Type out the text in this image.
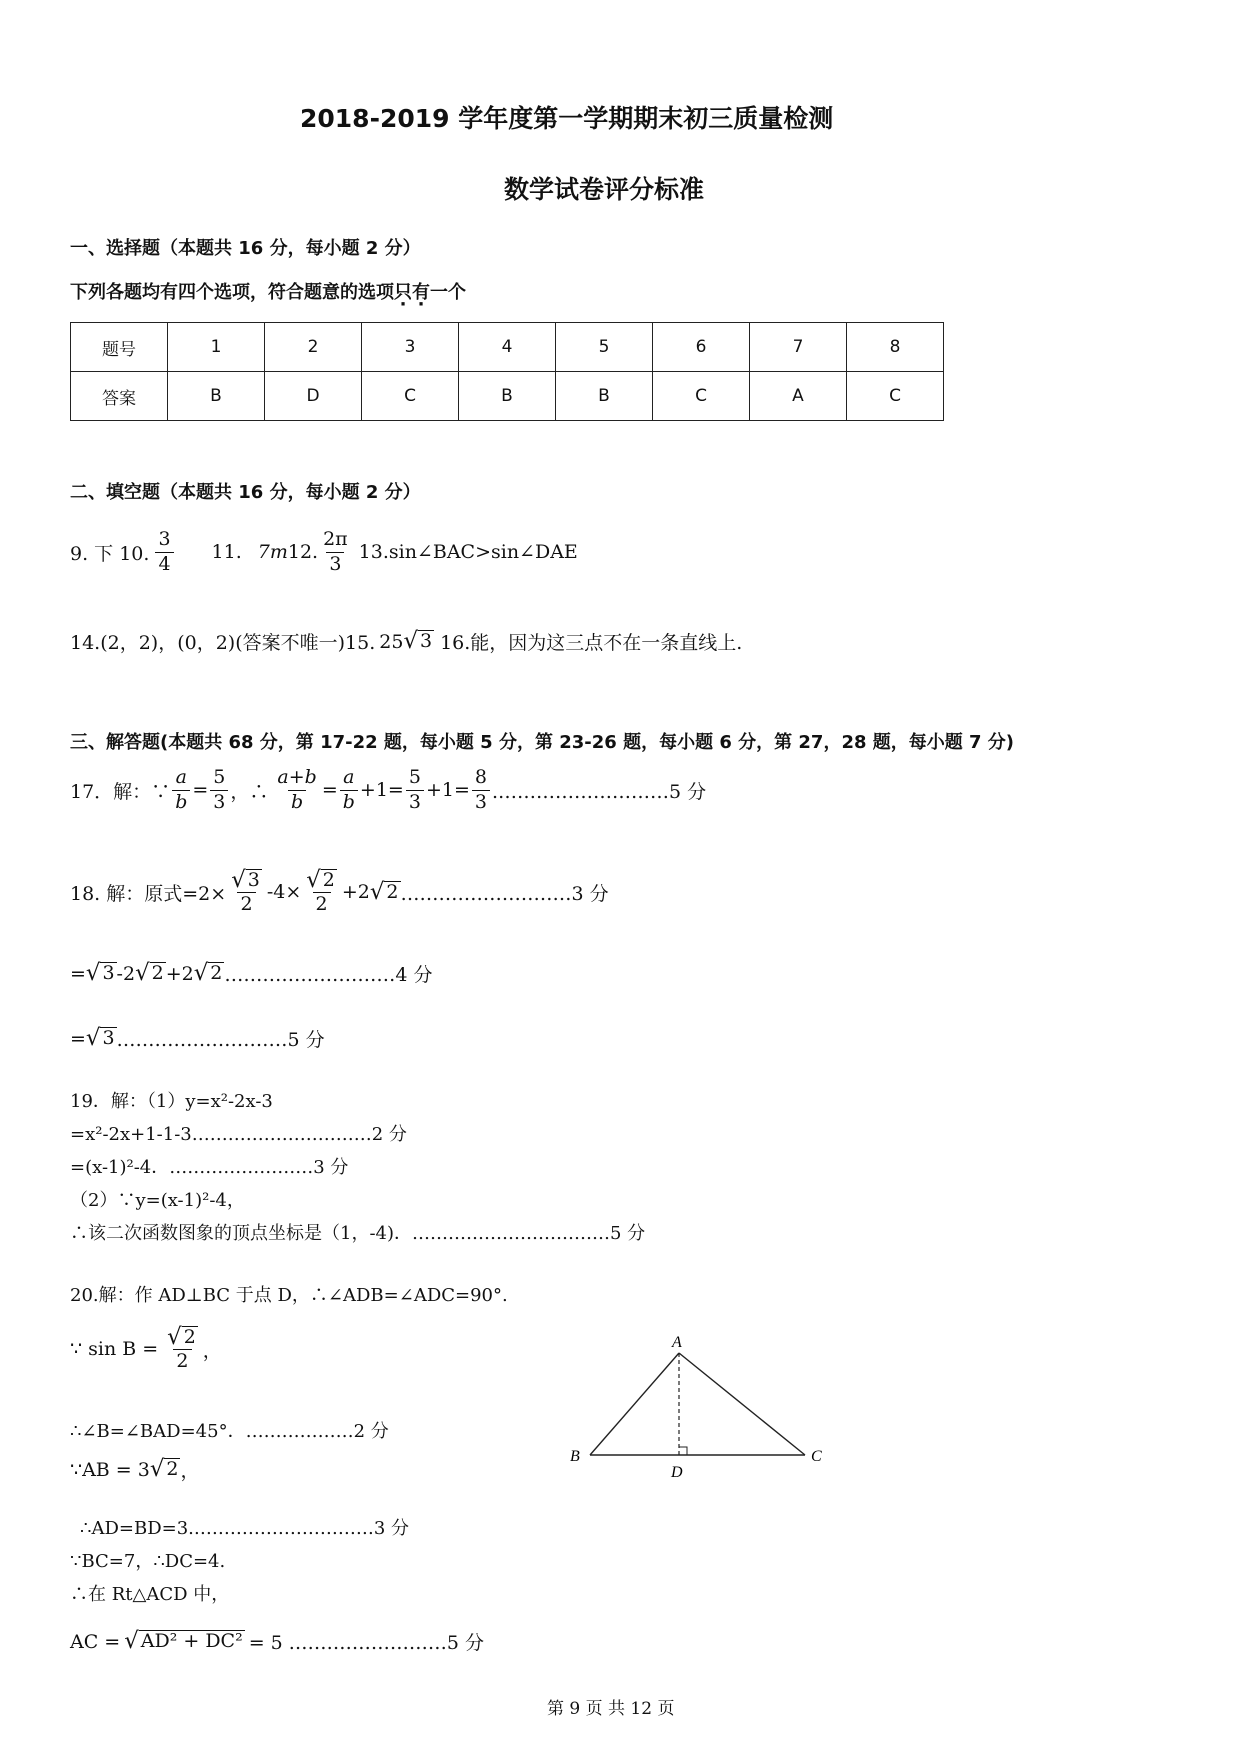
2018-2019 学年度第一学期期末初三质量检测
数学试卷评分标准
一、选择题（本题共 16 分，每小题 2 分）
下列各题均有四个选项，符合题意的选项只有一个
题号	1	2	3	4	5	6	7	8
答案	B	D	C	B	B	C	A	C
二、填空题（本题共 16 分，每小题 2 分）
9. 下 10. $\frac{3}{4} 11$. 7m 12. $\frac{2\pi}{3}$ 13.sin∠BAC>sin∠DAE
14.(2，2)，(0，2)(答案不唯一)15. 25 √ 3 16.能，因为这三点不在一条直线上.
三、解答题(本题共 68 分，第 17-22 题，每小题 5 分，第 23-26 题，每小题 6 分，第 27，28 题，每小题 7 分)
17．解：∵ $\frac{a}{b} = \frac{5}{3}$ ，∴ $\frac{a+b}{b} = \frac{a}{b} +1= \frac{5}{3} +1= \frac{8}{3}$ .………………………5 分
18. 解：原式$=2\times \frac{√ 3}{2} -4\times \frac{√ 2}{2} +2$ √ 2 ………………………3 分
= √ 3 -2 √ 2 +2 √ 2 ………………………4 分
= √ 3 ………………………5 分
19．解：（1）y=x²-2x-3
=x²-2x+1-1-3…………………………2 分
=(x-1)²-4．……………………3 分
（2）∵y=(x-1)²-4，
∴该二次函数图象的顶点坐标是（1，-4)．……………………………5 分
20.解：作 AD⊥BC 于点 D，∴∠ADB=∠ADC=90°.
∵ $\sin B = \frac{√ 2}{2}$ ，
∴∠B=∠BAD=45°．………………2 分
∵AB = 3 √ 2 ，
∴AD=BD=3.…………………………3 分
∵BC=7，∴DC=4.
∴在 Rt△ACD 中，
AC = √ AD² + DC² = 5 .……………………5 分
A
B	C
D
第 9 页 共 12 页
